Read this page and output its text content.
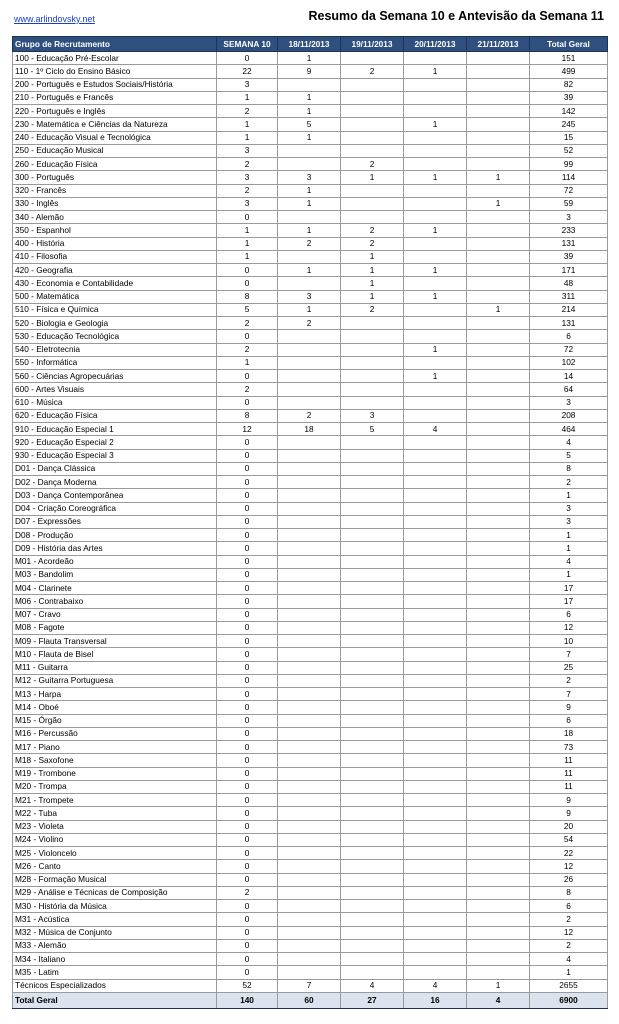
www.arlindovsky.net	Resumo da Semana 10 e Antevisão da Semana 11
Grupo de Recrutamento	SEMANA 10	18/11/2013	19/11/2013	20/11/2013	21/11/2013	Total Geral
100 - Educação Pré-Escolar	0	1				151
110 - 1º Ciclo do Ensino Básico	22	9	2	1		499
200 - Português e Estudos Sociais/História	3					82
210 - Português e Francês	1	1				39
220 - Português e Inglês	2	1				142
230 - Matemática e Ciências da Natureza	1	5		1		245
240 - Educação Visual e Tecnológica	1	1				15
250 - Educação Musical	3					52
260 - Educação Física	2		2			99
300 - Português	3	3	1	1	1	114
320 - Francês	2	1				72
330 - Inglês	3	1			1	59
340 - Alemão	0					3
350 - Espanhol	1	1	2	1		233
400 - História	1	2	2			131
410 - Filosofia	1		1			39
420 - Geografia	0	1	1	1		171
430 - Economia e Contabilidade	0		1			48
500 - Matemática	8	3	1	1		311
510 - Física e Química	5	1	2		1	214
520 - Biologia e Geologia	2	2				131
530 - Educação Tecnológica	0					6
540 - Eletrotecnia	2			1		72
550 - Informática	1					102
560 - Ciências Agropecuárias	0			1		14
600 - Artes Visuais	2					64
610 - Música	0					3
620 - Educação Física	8	2	3			208
910 - Educação Especial 1	12	18	5	4		464
920 - Educação Especial 2	0					4
930 - Educação Especial 3	0					5
D01 - Dança Clássica	0					8
D02 - Dança Moderna	0					2
D03 - Dança Contemporânea	0					1
D04 - Criação Coreográfica	0					3
D07 - Expressões	0					3
D08 - Produção	0					1
D09 - História das Artes	0					1
M01 - Acordeão	0					4
M03 - Bandolim	0					1
M04 - Clarinete	0					17
M06 - Contrabaixo	0					17
M07 - Cravo	0					6
M08 - Fagote	0					12
M09 - Flauta Transversal	0					10
M10 - Flauta de Bisel	0					7
M11 - Guitarra	0					25
M12 - Guitarra Portuguesa	0					2
M13 - Harpa	0					7
M14 - Oboé	0					9
M15 - Órgão	0					6
M16 - Percussão	0					18
M17 - Piano	0					73
M18 - Saxofone	0					11
M19 - Trombone	0					11
M20 - Trompa	0					11
M21 - Trompete	0					9
M22 - Tuba	0					9
M23 - Violeta	0					20
M24 - Violino	0					54
M25 - Violoncelo	0					22
M26 - Canto	0					12
M28 - Formação Musical	0					26
M29 - Análise e Técnicas de Composição	2					8
M30 - História da Música	0					6
M31 - Acústica	0					2
M32 - Música de Conjunto	0					12
M33 - Alemão	0					2
M34 - Italiano	0					4
M35 - Latim	0					1
Técnicos Especializados	52	7	4	4	1	2655
Total Geral	140	60	27	16	4	6900
